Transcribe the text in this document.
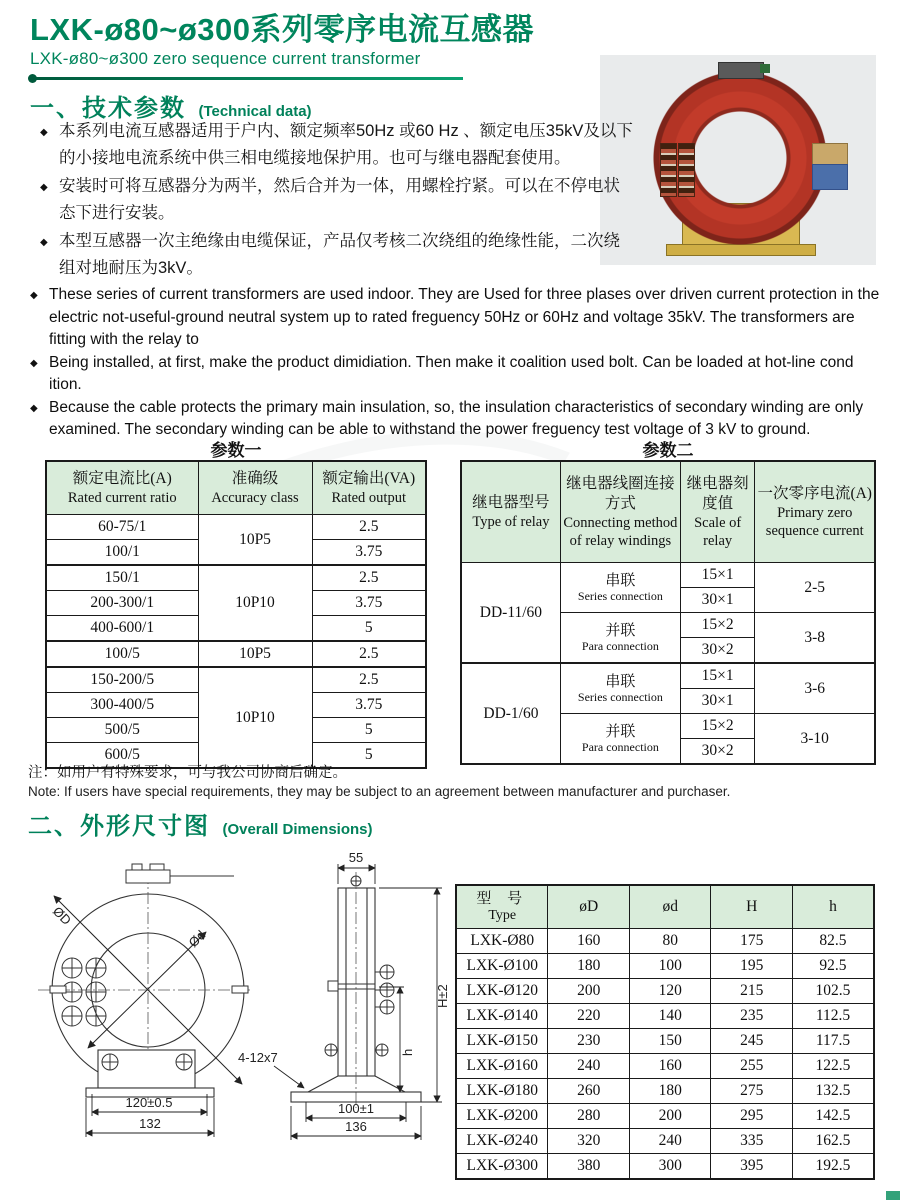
LXK-ø80~ø300系列零序电流互感器
LXK-ø80~ø300 zero sequence current transformer
一、技术参数 (Technical data)
◆ 本系列电流互感器适用于户内、额定频率50Hz 或60 Hz 、额定电压35kV及以下的小接地电流系统中供三相电缆接地保护用。也可与继电器配套使用。
◆ 安装时可将互感器分为两半，然后合并为一体，用螺栓拧紧。可以在不停电状态下进行安装。
◆ 本型互感器一次主绝缘由电缆保证，产品仅考核二次绕组的绝缘性能，二次绕组对地耐压为3kV。
◆ These series of current transformers are used indoor. They are Used for three plases over driven current protection in the electric not-useful-ground neutral system up to rated freguency 50Hz or 60Hz and voltage 35kV. The transformers are fitting with the relay to
◆ Being installed, at first, make the product dimidiation. Then make it coalition used bolt. Can be loaded at hot-line cond ition.
◆ Because the cable protects the primary main insulation, so, the insulation characteristics of secondary winding are only examined. The secondary winding can be able to withstand the power freguency test voltage of 3 kV to ground.
参数一
额定电流比(A)
Rated current ratio

准确级
Accuracy class

额定输出(VA)
Rated output

60-75/1	10P5	2.5
100/1		3.75
150/1	10P10	2.5
200-300/1		3.75
400-600/1		5
100/5	10P5	2.5
150-200/5	10P10	2.5
300-400/5		3.75
500/5		5
600/5		5
参数二
继电器型号
Type of relay

继电器线圈连接方式
Connecting method of relay windings

继电器刻度值
Scale of relay

一次零序电流(A)
Primary zero sequence current

DD-11/60	串联
Series connection	15×1	2-5
		30×1	

	并联
Para connection	15×2	3-8
		30×2	
DD-1/60	串联
Series connection	15×1	3-6
		30×1	

	并联
Para connection	15×2	3-10
		30×2	
注：如用户有特殊要求，可与我公司协商后确定。
Note: If users have special requirements, they may be subject to an agreement between manufacturer and purchaser.
二、外形尺寸图 (Overall Dimensions)
ØD
Ød
120±0.5
132
55
H±2
h
4-12x7
100±1
136
型 号
Type	øD	ød	H	h
LXK-Ø80	160	80	175	82.5
LXK-Ø100	180	100	195	92.5
LXK-Ø120	200	120	215	102.5
LXK-Ø140	220	140	235	112.5
LXK-Ø150	230	150	245	117.5
LXK-Ø160	240	160	255	122.5
LXK-Ø180	260	180	275	132.5
LXK-Ø200	280	200	295	142.5
LXK-Ø240	320	240	335	162.5
LXK-Ø300	380	300	395	192.5
